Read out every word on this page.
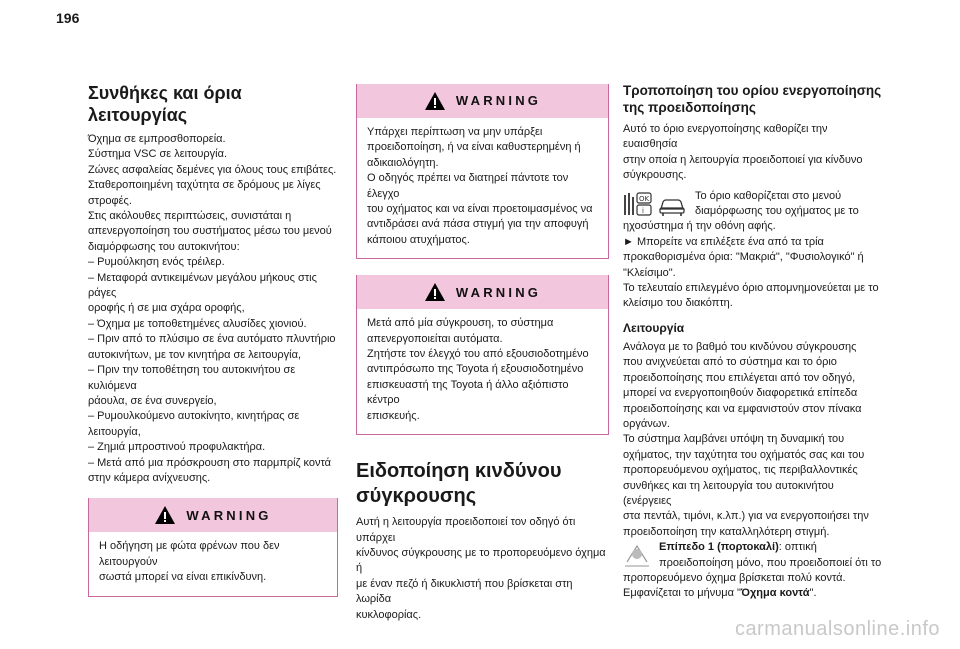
196
Συνθήκες και όρια λειτουργίας
Όχημα σε εμπροσθοπορεία.
Σύστημα VSC σε λειτουργία.
Ζώνες ασφαλείας δεμένες για όλους τους επιβάτες.
Σταθεροποιημένη ταχύτητα σε δρόμους με λίγες
στροφές.
Στις ακόλουθες περιπτώσεις, συνιστάται η
απενεργοποίηση του συστήματος μέσω του μενού
διαμόρφωσης του αυτοκινήτου:
– Ρυμούλκηση ενός τρέιλερ.
– Μεταφορά αντικειμένων μεγάλου μήκους στις ράγες
οροφής ή σε μια σχάρα οροφής,
– Όχημα με τοποθετημένες αλυσίδες χιονιού.
– Πριν από το πλύσιμο σε ένα αυτόματο πλυντήριο
αυτοκινήτων, με τον κινητήρα σε λειτουργία,
– Πριν την τοποθέτηση του αυτοκινήτου σε κυλιόμενα
ράουλα, σε ένα συνεργείο,
– Ρυμουλκούμενο αυτοκίνητο, κινητήρας σε λειτουργία,
– Ζημιά μπροστινού προφυλακτήρα.
– Μετά από μια πρόσκρουση στο παρμπρίζ κοντά
στην κάμερα ανίχνευσης.
WARNING
Η οδήγηση με φώτα φρένων που δεν λειτουργούν
σωστά μπορεί να είναι επικίνδυνη.
WARNING
Υπάρχει περίπτωση να μην υπάρξει
προειδοποίηση, ή να είναι καθυστερημένη ή
αδικαιολόγητη.
Ο οδηγός πρέπει να διατηρεί πάντοτε τον έλεγχο
του οχήματος και να είναι προετοιμασμένος να
αντιδράσει ανά πάσα στιγμή για την αποφυγή
κάποιου ατυχήματος.
WARNING
Μετά από μία σύγκρουση, το σύστημα
απενεργοποιείται αυτόματα.
Ζητήστε τον έλεγχό του από εξουσιοδοτημένο
αντιπρόσωπο της Toyota ή εξουσιοδοτημένο
επισκευαστή της Toyota ή άλλο αξιόπιστο κέντρο
επισκευής.
Ειδοποίηση κινδύνου
σύγκρουσης
Αυτή η λειτουργία προειδοποιεί τον οδηγό ότι υπάρχει
κίνδυνος σύγκρουσης με το προπορευόμενο όχημα ή
με έναν πεζό ή δικυκλιστή που βρίσκεται στη λωρίδα
κυκλοφορίας.
Τροποποίηση του ορίου ενεργοποίησης
της προειδοποίησης
Αυτό το όριο ενεργοποίησης καθορίζει την ευαισθησία
στην οποία η λειτουργία προειδοποιεί για κίνδυνο
σύγκρουσης.
OK
i
Το όριο καθορίζεται στο μενού
διαμόρφωσης του οχήματος με το
ηχοσύστημα ή την οθόνη αφής.
► Μπορείτε να επιλέξετε ένα από τα τρία
προκαθορισμένα όρια: "Μακριά", "Φυσιολογικό" ή
"Κλείσιμο".
Το τελευταίο επιλεγμένο όριο απομνημονεύεται με το
κλείσιμο του διακόπτη.
Λειτουργία
Ανάλογα με το βαθμό του κινδύνου σύγκρουσης
που ανιχνεύεται από το σύστημα και το όριο
προειδοποίησης που επιλέγεται από τον οδηγό,
μπορεί να ενεργοποιηθούν διαφορετικά επίπεδα
προειδοποίησης και να εμφανιστούν στον πίνακα
οργάνων.
Το σύστημα λαμβάνει υπόψη τη δυναμική του
οχήματος, την ταχύτητα του οχήματός σας και του
προπορευόμενου οχήματος, τις περιβαλλοντικές
συνθήκες και τη λειτουργία του αυτοκινήτου (ενέργειες
στα πεντάλ, τιμόνι, κ.λπ.) για να ενεργοποιήσει την
προειδοποίηση την καταλληλότερη στιγμή.
Επίπεδο 1 (πορτοκαλί): οπτική
προειδοποίηση μόνο, που προειδοποιεί ότι το
προπορευόμενο όχημα βρίσκεται πολύ κοντά.
Εμφανίζεται το μήνυμα "Όχημα κοντά".
carmanualsonline.info
